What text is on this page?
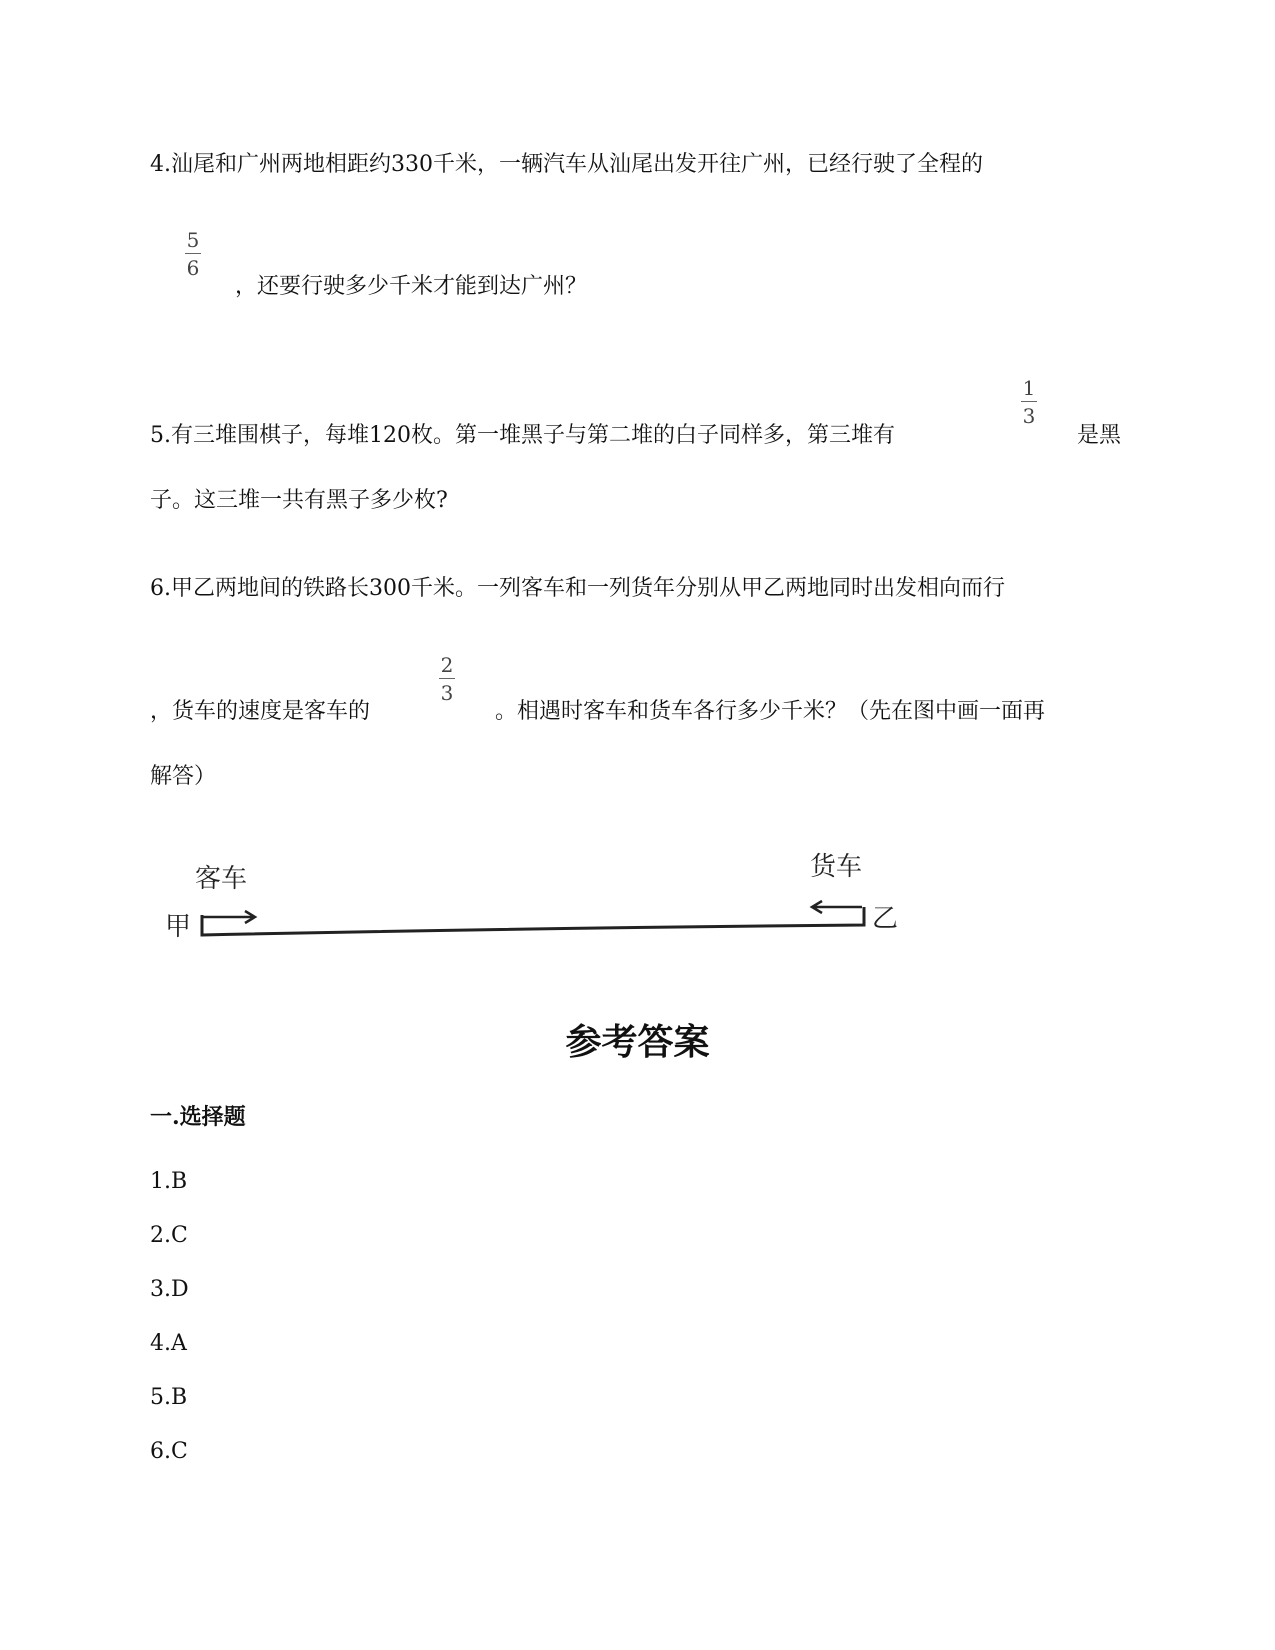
4.汕尾和广州两地相距约330千米，一辆汽车从汕尾出发开往广州，已经行驶了全程的
5
6
，还要行驶多少千米才能到达广州？
1
3
5.有三堆围棋子，每堆120枚。第一堆黑子与第二堆的白子同样多，第三堆有	是黑
子。这三堆一共有黑子多少枚?
6.甲乙两地间的铁路长300千米。一列客车和一列货年分别从甲乙两地同时出发相向而行
2
3
，货车的速度是客车的	。相遇时客车和货车各行多少千米？（先在图中画一面再
解答）
客车
甲
货车
乙
参考答案
一.选择题
1.B
2.C
3.D
4.A
5.B
6.C
